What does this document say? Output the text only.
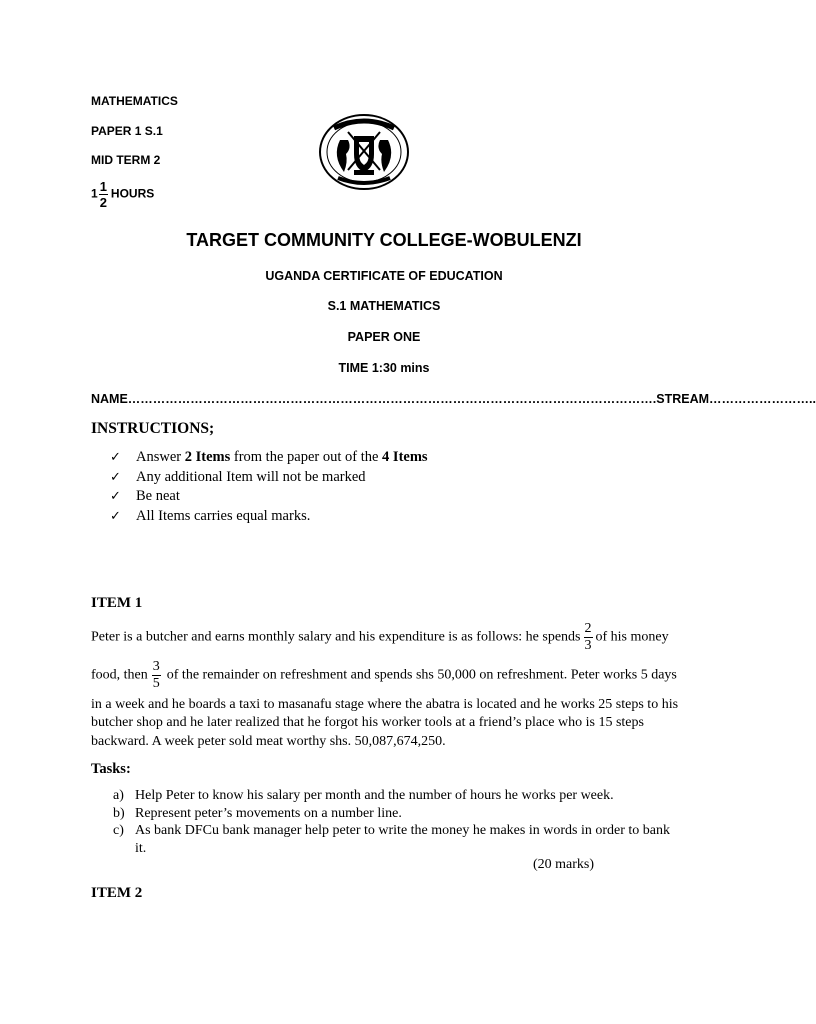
MATHEMATICS
PAPER 1 S.1
MID TERM 2
$1 \frac{1}{2}$ HOURS
TARGET COMMUNITY COLLEGE-WOBULENZI
UGANDA CERTIFICATE OF EDUCATION
S.1 MATHEMATICS
PAPER ONE
TIME 1:30 mins
NAME……………………………………………………………………………………………………………….STREAM……………………..
INSTRUCTIONS;
✓ Answer 2 Items from the paper out of the 4 Items
✓ Any additional Item will not be marked
✓ Be neat
✓ All Items carries equal marks.
ITEM 1
Peter is a butcher and earns monthly salary and his expenditure is as follows: he spends $\frac{2}{3}$ of his money
food, then $\frac{3}{5}$ of the remainder on refreshment and spends shs 50,000 on refreshment. Peter works 5 days
in a week and he boards a taxi to masanafu stage where the abatra is located and he works 25 steps to his
butcher shop and he later realized that he forgot his worker tools at a friend’s place who is 15 steps
backward. A week peter sold meat worthy shs. 50,087,674,250.
Tasks:
a) Help Peter to know his salary per month and the number of hours he works per week.
b) Represent peter’s movements on a number line.
c) As bank DFCu bank manager help peter to write the money he makes in words in order to bank it.
(20 marks)
ITEM 2
